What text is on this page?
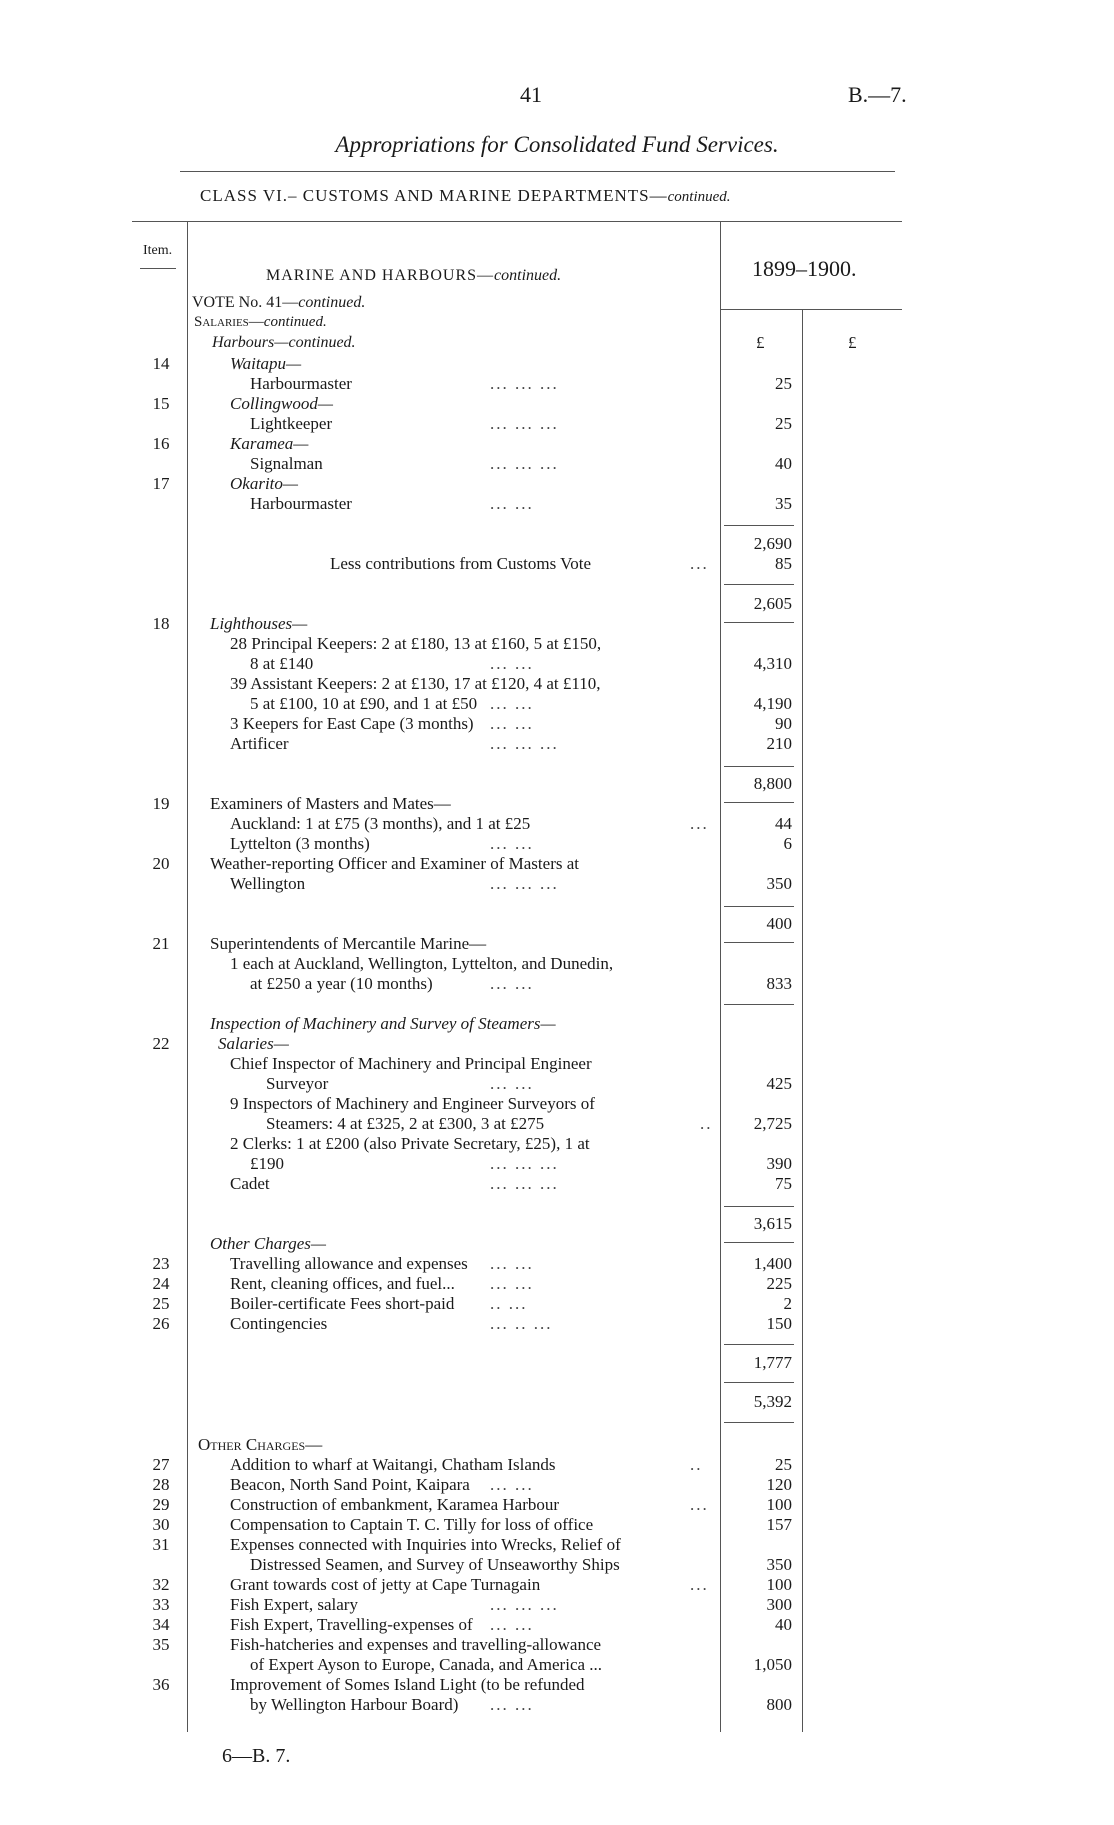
41	B.—7.
Appropriations for Consolidated Fund Services.
CLASS VI.– CUSTOMS AND MARINE DEPARTMENTS—continued.
Item.
1899–1900.
£	£
MARINE AND HARBOURS—continued.
VOTE No. 41—continued.
Salaries—continued.
Harbours—continued.
14	Waitapu—
Harbourmaster	... ... ...	25
15	Collingwood—
Lightkeeper	... ... ...	25
16	Karamea—
Signalman	... ... ...	40
17	Okarito—
Harbourmaster	... ...	35
2,690
Less contributions from Customs Vote	...	85
2,605
18	Lighthouses—
28 Principal Keepers: 2 at £180, 13 at £160, 5 at £150,
8 at £140	... ...	4,310
39 Assistant Keepers: 2 at £130, 17 at £120, 4 at £110,
5 at £100, 10 at £90, and 1 at £50 ... ...	4,190
3 Keepers for East Cape (3 months) ... ...	90
Artificer	... ... ...	210
8,800
19	Examiners of Masters and Mates—
Auckland: 1 at £75 (3 months), and 1 at £25	...	44
Lyttelton (3 months)	... ...	6
20	Weather-reporting Officer and Examiner of Masters at
Wellington	... ... ...	350
400
21	Superintendents of Mercantile Marine—
1 each at Auckland, Wellington, Lyttelton, and Dunedin,
at £250 a year (10 months)	... ...	833
Inspection of Machinery and Survey of Steamers—
22	Salaries—
Chief Inspector of Machinery and Principal Engineer
Surveyor	... ...	425
9 Inspectors of Machinery and Engineer Surveyors of
Steamers: 4 at £325, 2 at £300, 3 at £275	..	2,725
2 Clerks: 1 at £200 (also Private Secretary, £25), 1 at
£190	... ... ...	390
Cadet	... ... ...	75
3,615
Other Charges—
23	Travelling allowance and expenses ... ...	1,400
24	Rent, cleaning offices, and fuel... ... ...	225
25	Boiler-certificate Fees short-paid .. ...	2
26	Contingencies	... .. ...	150
1,777
5,392
Other Charges—
27	Addition to wharf at Waitangi, Chatham Islands	..	25
28	Beacon, North Sand Point, Kaipara ... ...	120
29	Construction of embankment, Karamea Harbour	...	100
30	Compensation to Captain T. C. Tilly for loss of office	157
31	Expenses connected with Inquiries into Wrecks, Relief of
Distressed Seamen, and Survey of Unseaworthy Ships	350
32	Grant towards cost of jetty at Cape Turnagain	...	100
33	Fish Expert, salary	... ... ...	300
34	Fish Expert, Travelling-expenses of ... ...	40
35	Fish-hatcheries and expenses and travelling-allowance
of Expert Ayson to Europe, Canada, and America ...	1,050
36	Improvement of Somes Island Light (to be refunded
by Wellington Harbour Board) ... ...	800
6—B. 7.
